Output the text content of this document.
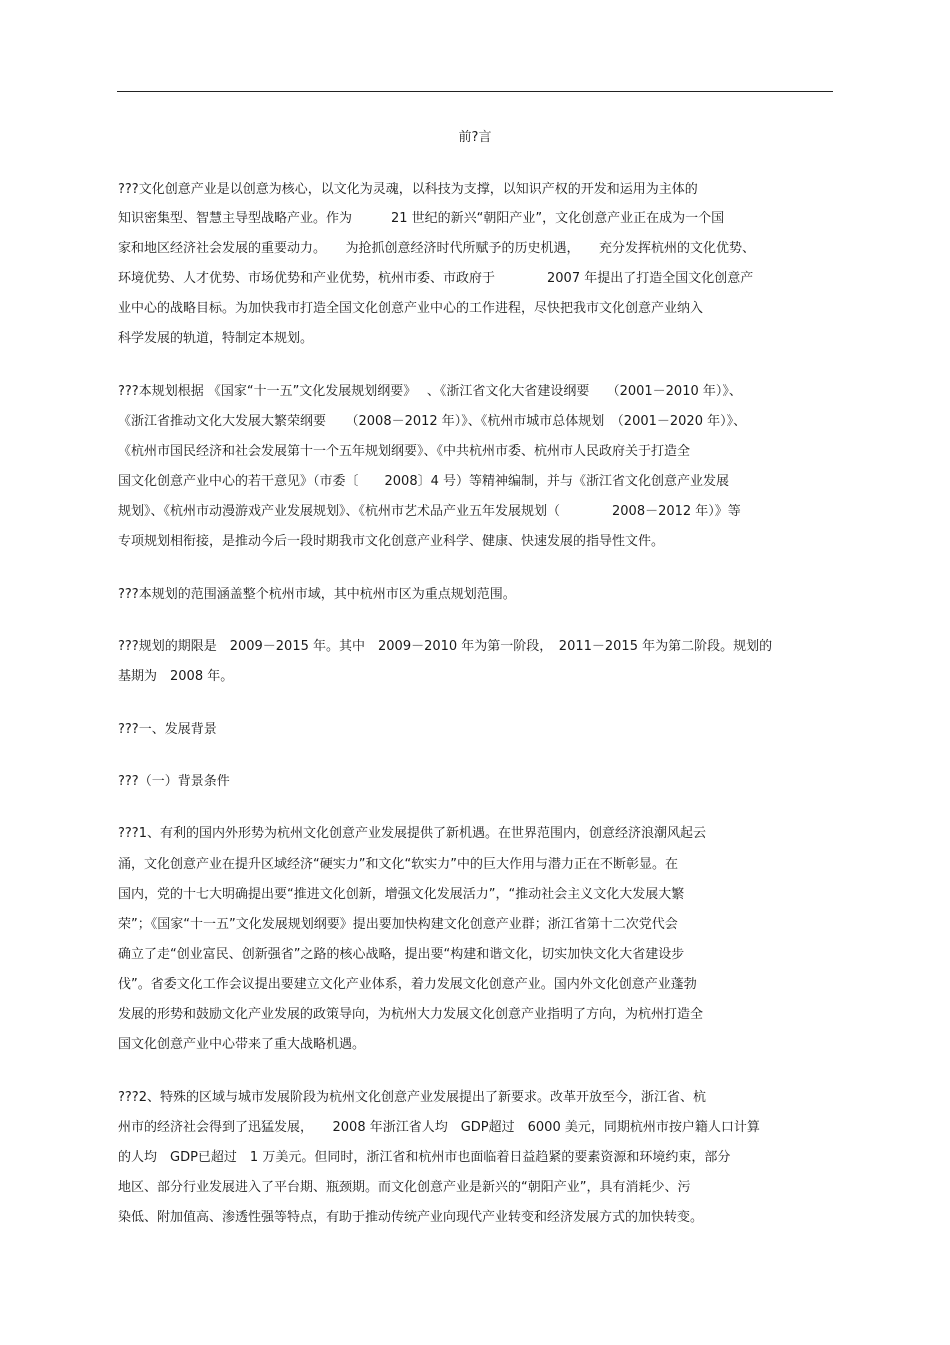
前?言
???文化创意产业是以创意为核心，以文化为灵魂，以科技为支撑，以知识产权的开发和运用为主体的
知识密集型、智慧主导型战略产业。作为　　　21 世纪的新兴“朝阳产业”，文化创意产业正在成为一个国
家和地区经济社会发展的重要动力。　　为抢抓创意经济时代所赋予的历史机遇，　　充分发挥杭州的文化优势、
环境优势、人才优势、市场优势和产业优势，杭州市委、市政府于　　　　2007 年提出了打造全国文化创意产
业中心的战略目标。为加快我市打造全国文化创意产业中心的工作进程，尽快把我市文化创意产业纳入
科学发展的轨道，特制定本规划。
???本规划根据 《国家“十一五”文化发展规划纲要》　 、《浙江省文化大省建设纲要　 （2001－2010 年）》、
《浙江省推动文化大发展大繁荣纲要　　（2008－2012 年）》、《杭州市城市总体规划　（2001－2020 年）》、
《杭州市国民经济和社会发展第十一个五年规划纲要》、《中共杭州市委、杭州市人民政府关于打造全
国文化创意产业中心的若干意见》（市委〔　　2008〕4 号）等精神编制，并与《浙江省文化创意产业发展
规划》、《杭州市动漫游戏产业发展规划》、《杭州市艺术品产业五年发展规划（　　　　2008－2012 年）》等
专项规划相衔接，是推动今后一段时期我市文化创意产业科学、健康、快速发展的指导性文件。
???本规划的范围涵盖整个杭州市域，其中杭州市区为重点规划范围。
???规划的期限是　2009－2015 年。其中　2009－2010 年为第一阶段，　2011－2015 年为第二阶段。规划的
基期为　2008 年。
???一、发展背景
???（一）背景条件
???1、有利的国内外形势为杭州文化创意产业发展提供了新机遇。在世界范围内，创意经济浪潮风起云
涌，文化创意产业在提升区域经济“硬实力”和文化“软实力”中的巨大作用与潜力正在不断彰显。在
国内，党的十七大明确提出要“推进文化创新，增强文化发展活力”，“推动社会主义文化大发展大繁
荣”；《国家“十一五”文化发展规划纲要》提出要加快构建文化创意产业群；浙江省第十二次党代会
确立了走“创业富民、创新强省”之路的核心战略，提出要“构建和谐文化，切实加快文化大省建设步
伐”。省委文化工作会议提出要建立文化产业体系，着力发展文化创意产业。国内外文化创意产业蓬勃
发展的形势和鼓励文化产业发展的政策导向，为杭州大力发展文化创意产业指明了方向，为杭州打造全
国文化创意产业中心带来了重大战略机遇。
???2、特殊的区域与城市发展阶段为杭州文化创意产业发展提出了新要求。改革开放至今，浙江省、杭
州市的经济社会得到了迅猛发展，　　2008 年浙江省人均　GDP超过　6000 美元，同期杭州市按户籍人口计算
的人均　GDP已超过　1 万美元。但同时，浙江省和杭州市也面临着日益趋紧的要素资源和环境约束，部分
地区、部分行业发展进入了平台期、瓶颈期。而文化创意产业是新兴的“朝阳产业”，具有消耗少、污
染低、附加值高、渗透性强等特点，有助于推动传统产业向现代产业转变和经济发展方式的加快转变。
